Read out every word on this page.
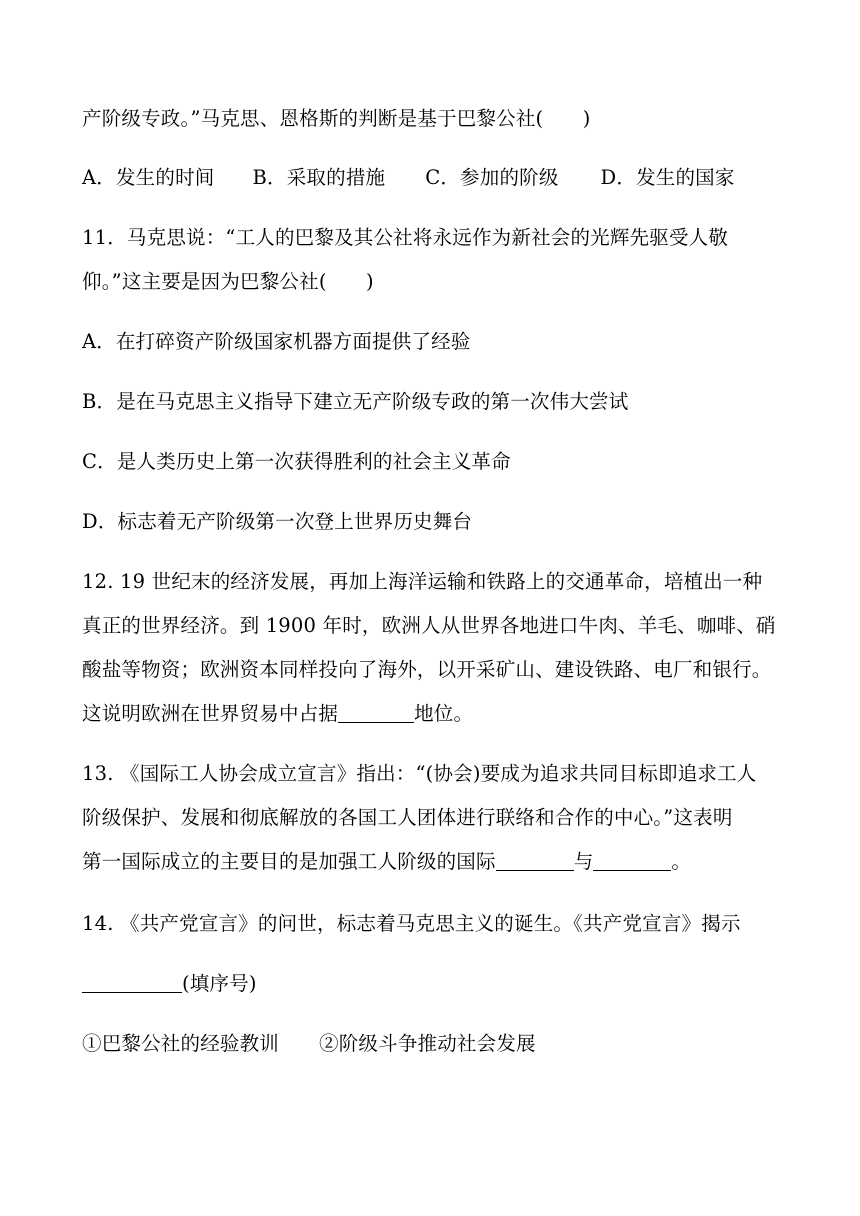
产阶级专政。”马克思、恩格斯的判断是基于巴黎公社(　　)
A．发生的时间 B．采取的措施 C．参加的阶级 D．发生的国家
11．马克思说：“工人的巴黎及其公社将永远作为新社会的光辉先驱受人敬
仰。”这主要是因为巴黎公社(　　)
A．在打碎资产阶级国家机器方面提供了经验
B．是在马克思主义指导下建立无产阶级专政的第一次伟大尝试
C．是人类历史上第一次获得胜利的社会主义革命
D．标志着无产阶级第一次登上世界历史舞台
12. 19 世纪末的经济发展，再加上海洋运输和铁路上的交通革命，培植出一种
真正的世界经济。到 1900 年时，欧洲人从世界各地进口牛肉、羊毛、咖啡、硝
酸盐等物资；欧洲资本同样投向了海外，以开采矿山、建设铁路、电厂和银行。
这说明欧洲在世界贸易中占据	地位。
13. 《国际工人协会成立宣言》指出：“(协会)要成为追求共同目标即追求工人
阶级保护、发展和彻底解放的各国工人团体进行联络和合作的中心。”这表明
第一国际成立的主要目的是加强工人阶级的国际	与	。
14. 《共产党宣言》的问世，标志着马克思主义的诞生。《共产党宣言》揭示
(填序号)
①巴黎公社的经验教训 ②阶级斗争推动社会发展
